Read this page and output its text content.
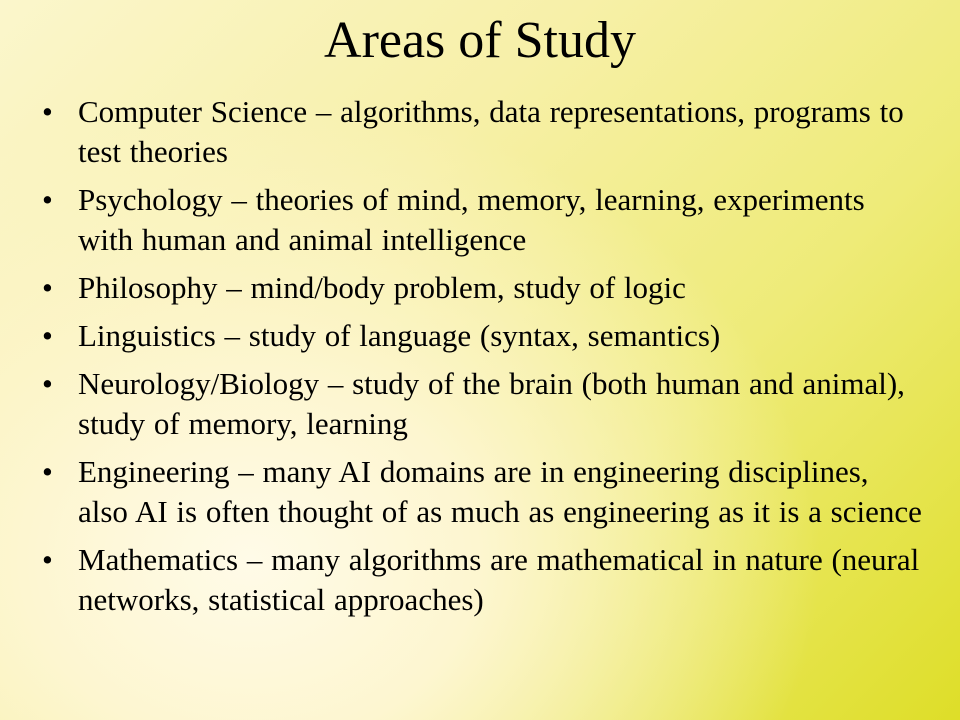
Areas of Study
• Computer Science – algorithms, data representations, programs to test theories
• Psychology – theories of mind, memory, learning, experiments with human and animal intelligence
• Philosophy – mind/body problem, study of logic
• Linguistics – study of language (syntax, semantics)
• Neurology/Biology – study of the brain (both human and animal), study of memory, learning
• Engineering – many AI domains are in engineering disciplines, also AI is often thought of as much as engineering as it is a science
• Mathematics – many algorithms are mathematical in nature (neural networks, statistical approaches)
